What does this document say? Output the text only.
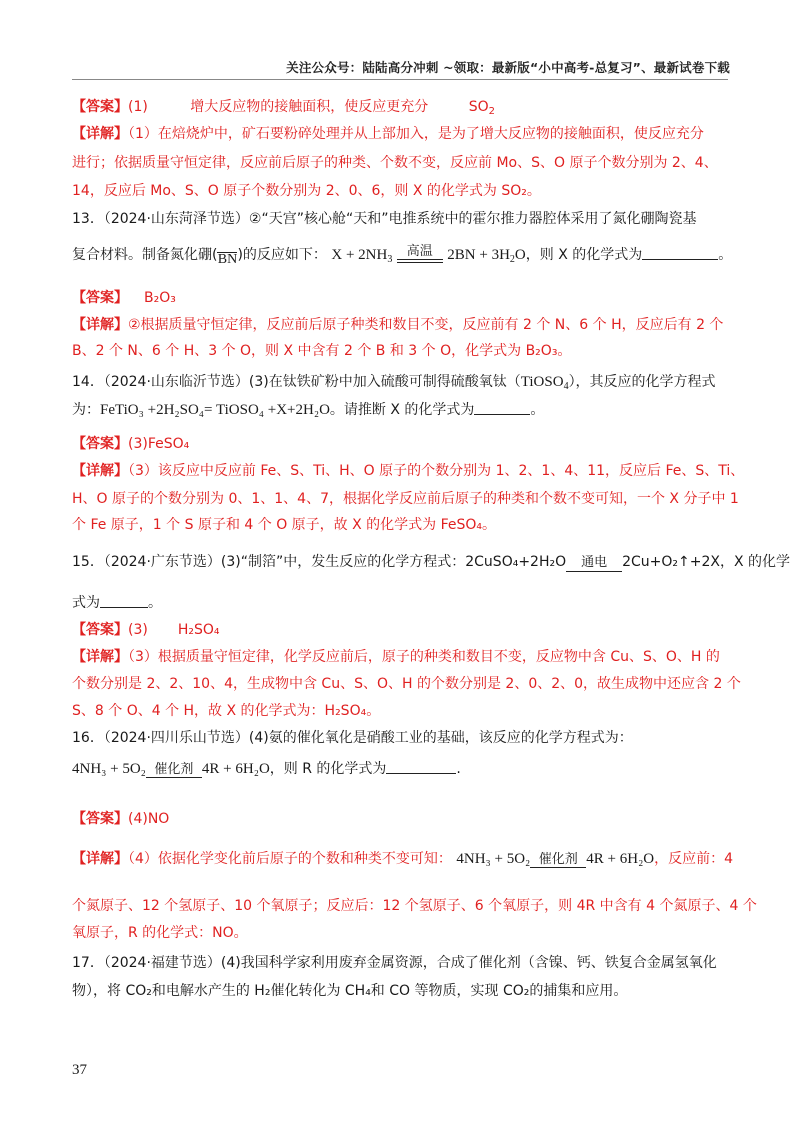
关注公众号：陆陆高分冲刺 ~领取：最新版“小中高考-总复习”、最新试卷下载
【答案】(1)	增大反应物的接触面积，使反应更充分	$SO_2$
【详解】（1）在焙烧炉中，矿石要粉碎处理并从上部加入，是为了增大反应物的接触面积，使反应充分
进行；依据质量守恒定律，反应前后原子的种类、个数不变，反应前 Mo、S、O 原子个数分别为 2、4、
14，反应后 Mo、S、O 原子个数分别为 2、0、6，则 X 的化学式为 SO₂。
13．（2024·山东菏泽节选）②“天宫”核心舱“天和”电推系统中的霍尔推力器腔体采用了氮化硼陶瓷基
复合材料。制备氮化硼( BN )的反应如下： $X + 2NH_3$
高温 $2BN + 3H_2O$，则 X 的化学式为	。
【答案】 B₂O₃
【详解】②根据质量守恒定律，反应前后原子种类和数目不变，反应前有 2 个 N、6 个 H，反应后有 2 个
B、2 个 N、6 个 H、3 个 O，则 X 中含有 2 个 B 和 3 个 O，化学式为 B₂O₃。
14．（2024·山东临沂节选）(3)在钛铁矿粉中加入硫酸可制得硫酸氧钛（TiOSO$_4$），其反应的化学方程式
为：FeTiO₃ +2H₂SO₄= TiOSO₄ +X+2H₂O。请推断 X 的化学式为	。
【答案】(3)FeSO₄
【详解】（3）该反应中反应前 Fe、S、Ti、H、O 原子的个数分别为 1、2、1、4、11，反应后 Fe、S、Ti、
H、O 原子的个数分别为 0、1、1、4、7，根据化学反应前后原子的种类和个数不变可知，一个 X 分子中 1
个 Fe 原子，1 个 S 原子和 4 个 O 原子，故 X 的化学式为 FeSO₄。
15．（2024·广东节选）(3)“制箔”中，发生反应的化学方程式：2CuSO₄+2H₂O	通电	2Cu+O₂↑+2X，X 的化学
式为	。
【答案】(3) H₂SO₄
【详解】（3）根据质量守恒定律，化学反应前后，原子的种类和数目不变，反应物中含 Cu、S、O、H 的
个数分别是 2、2、10、4，生成物中含 Cu、S、O、H 的个数分别是 2、0、2、0，故生成物中还应含 2 个
S、8 个 O、4 个 H，故 X 的化学式为：H₂SO₄。
16．（2024·四川乐山节选）(4)氨的催化氧化是硝酸工业的基础，该反应的化学方程式为：
4NH₃ + 5O₂ 催化剂 4R + 6H₂O，则 R 的化学式为	.
【答案】(4)NO
【详解】（4）依据化学变化前后原子的个数和种类不变可知： 4NH₃ + 5O₂ 催化剂 4R + 6H₂O，反应前：4
个氮原子、12 个氢原子、10 个氧原子；反应后：12 个氢原子、6 个氧原子，则 4R 中含有 4 个氮原子、4 个
氧原子，R 的化学式：NO。
17．（2024·福建节选）(4)我国科学家利用废弃金属资源，合成了催化剂（含镍、钙、铁复合金属氢氧化
物），将 CO₂和电解水产生的 H₂催化转化为 CH₄和 CO 等物质，实现 CO₂的捕集和应用。
37
